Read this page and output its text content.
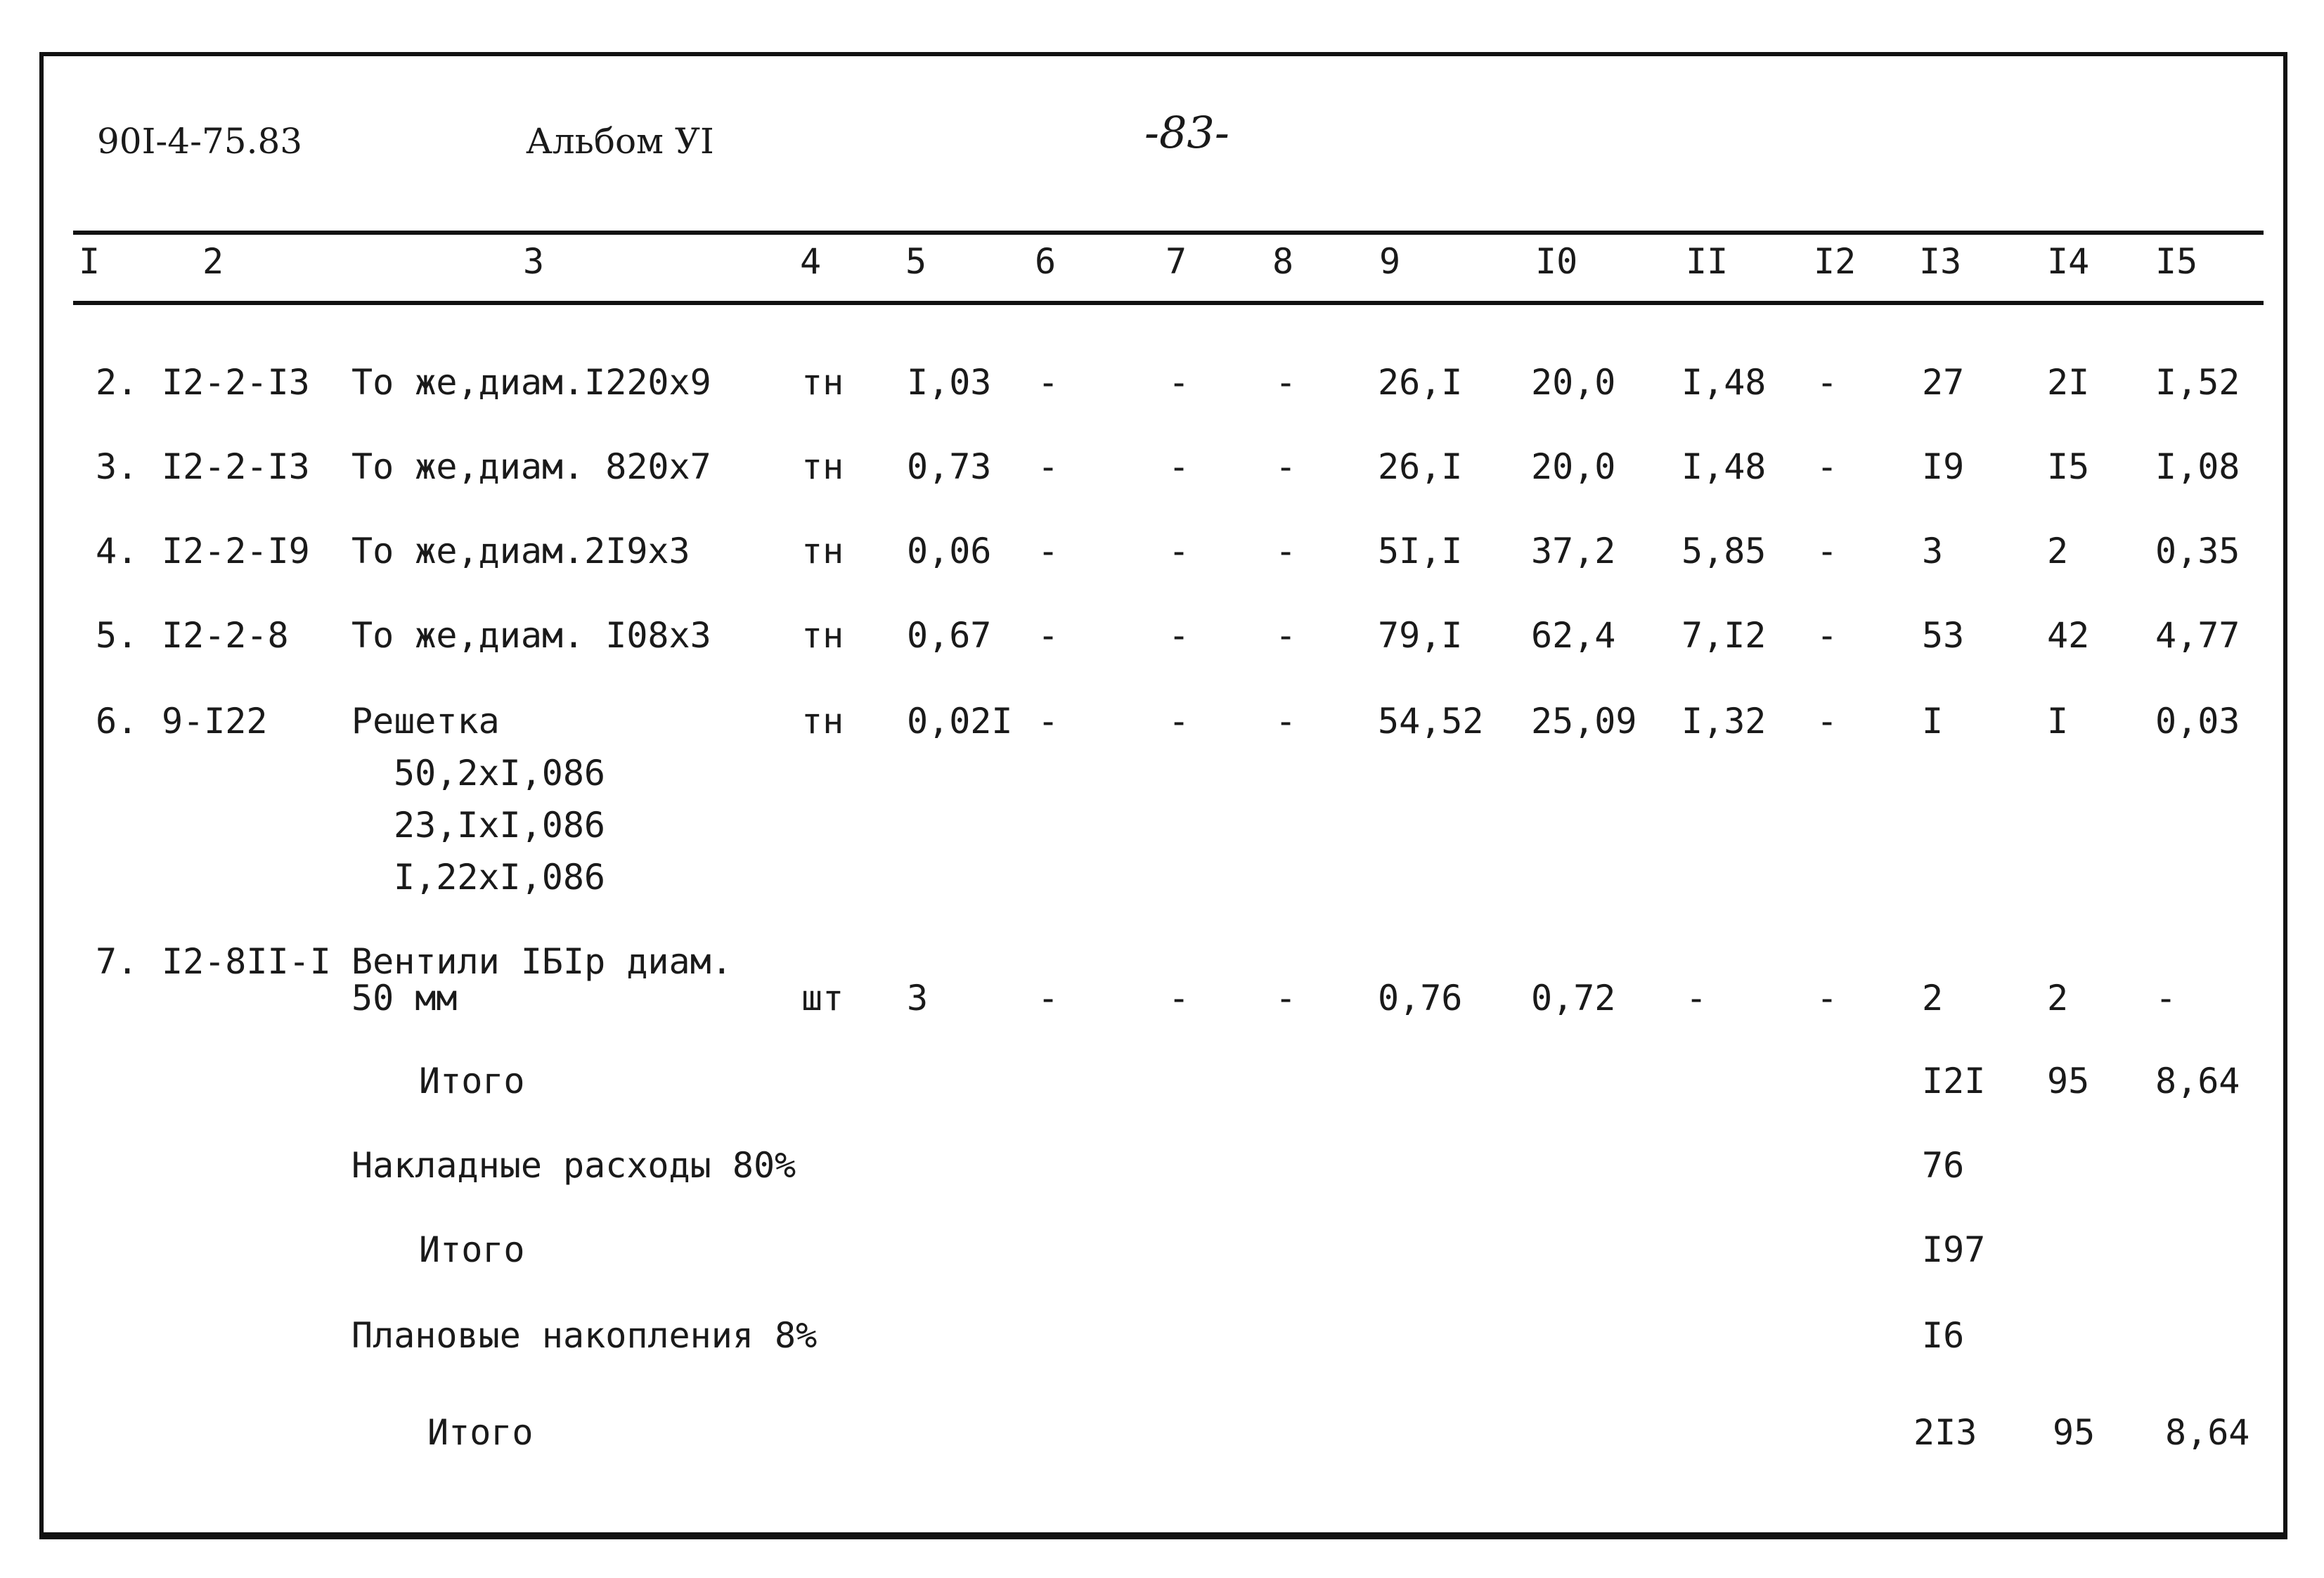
90I-4-75.83	Альбом УI	-83-
I	2	3	4 5	6	7 8 9	I0	II I2 I3 I4 I5
2. I2-2-I3 То же,диам.I220x9	тн I,03 -	- - 26,I 20,0 I,48 - 27 2I I,52
3. I2-2-I3 То же,диам. 820x7	тн 0,73 -	- - 26,I 20,0 I,48 - I9 I5 I,08
4. I2-2-I9 То же,диам.2I9x3	тн 0,06 -	- - 5I,I 37,2 5,85 - 3	2 0,35
5. I2-2-8 То же,диам. I08x3	тн 0,67 -	- - 79,I 62,4 7,I2 - 53 42 4,77
6. 9-I22 Решетка	тн 0,02I -	- - 54,52 25,09 I,32 - I	I 0,03
50,2xI,086
23,IxI,086
I,22xI,086
7. I2-8II-I Вентили IБIр диам.
50 мм	шт 3	-	- - 0,76 0,72 -	- 2	2 -
Итого	I2I 95 8,64
Накладные расходы 80%	76
Итого	I97
Плановые накопления 8%	I6
Итого	2I3 95 8,64
